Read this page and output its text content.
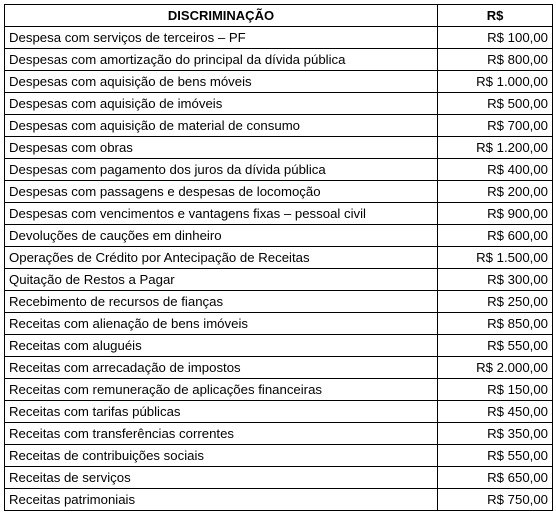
DISCRIMINAÇÃO	R$
Despesa com serviços de terceiros – PF	R$ 100,00
Despesas com amortização do principal da dívida pública	R$ 800,00
Despesas com aquisição de bens móveis	R$ 1.000,00
Despesas com aquisição de imóveis	R$ 500,00
Despesas com aquisição de material de consumo	R$ 700,00
Despesas com obras	R$ 1.200,00
Despesas com pagamento dos juros da dívida pública	R$ 400,00
Despesas com passagens e despesas de locomoção	R$ 200,00
Despesas com vencimentos e vantagens fixas – pessoal civil	R$ 900,00
Devoluções de cauções em dinheiro	R$ 600,00
Operações de Crédito por Antecipação de Receitas	R$ 1.500,00
Quitação de Restos a Pagar	R$ 300,00
Recebimento de recursos de fianças	R$ 250,00
Receitas com alienação de bens imóveis	R$ 850,00
Receitas com aluguéis	R$ 550,00
Receitas com arrecadação de impostos	R$ 2.000,00
Receitas com remuneração de aplicações financeiras	R$ 150,00
Receitas com tarifas públicas	R$ 450,00
Receitas com transferências correntes	R$ 350,00
Receitas de contribuições sociais	R$ 550,00
Receitas de serviços	R$ 650,00
Receitas patrimoniais	R$ 750,00
